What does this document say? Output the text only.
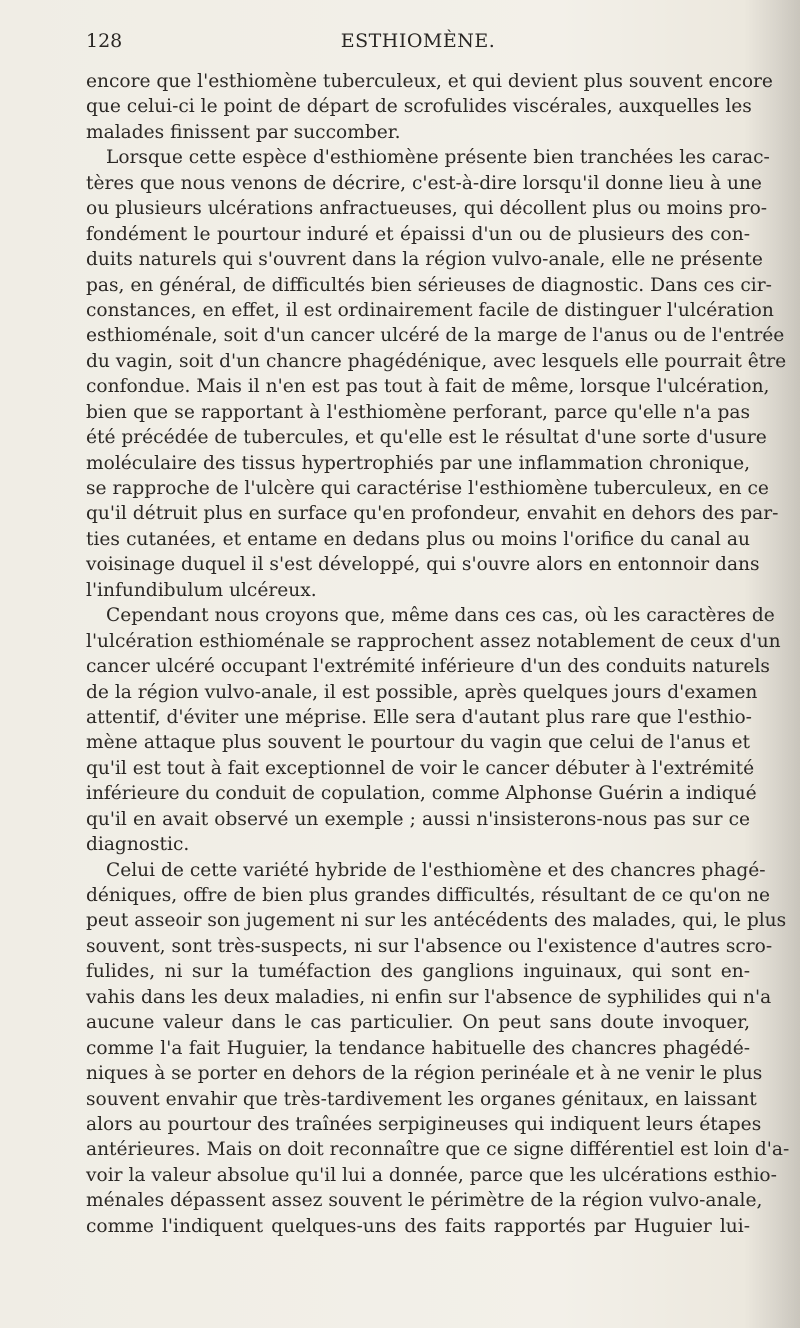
128	ESTHIOMÈNE.
encore que l'esthiomène tuberculeux, et qui devient plus souvent encore
que celui-ci le point de départ de scrofulides viscérales, auxquelles les
malades finissent par succomber.
Lorsque cette espèce d'esthiomène présente bien tranchées les carac-
tères que nous venons de décrire, c'est-à-dire lorsqu'il donne lieu à une
ou plusieurs ulcérations anfractueuses, qui décollent plus ou moins pro-
fondément le pourtour induré et épaissi d'un ou de plusieurs des con-
duits naturels qui s'ouvrent dans la région vulvo-anale, elle ne présente
pas, en général, de difficultés bien sérieuses de diagnostic. Dans ces cir-
constances, en effet, il est ordinairement facile de distinguer l'ulcération
esthioménale, soit d'un cancer ulcéré de la marge de l'anus ou de l'entrée
du vagin, soit d'un chancre phagédénique, avec lesquels elle pourrait être
confondue. Mais il n'en est pas tout à fait de même, lorsque l'ulcération,
bien que se rapportant à l'esthiomène perforant, parce qu'elle n'a pas
été précédée de tubercules, et qu'elle est le résultat d'une sorte d'usure
moléculaire des tissus hypertrophiés par une inflammation chronique,
se rapproche de l'ulcère qui caractérise l'esthiomène tuberculeux, en ce
qu'il détruit plus en surface qu'en profondeur, envahit en dehors des par-
ties cutanées, et entame en dedans plus ou moins l'orifice du canal au
voisinage duquel il s'est développé, qui s'ouvre alors en entonnoir dans
l'infundibulum ulcéreux.
Cependant nous croyons que, même dans ces cas, où les caractères de
l'ulcération esthioménale se rapprochent assez notablement de ceux d'un
cancer ulcéré occupant l'extrémité inférieure d'un des conduits naturels
de la région vulvo-anale, il est possible, après quelques jours d'examen
attentif, d'éviter une méprise. Elle sera d'autant plus rare que l'esthio-
mène attaque plus souvent le pourtour du vagin que celui de l'anus et
qu'il est tout à fait exceptionnel de voir le cancer débuter à l'extrémité
inférieure du conduit de copulation, comme Alphonse Guérin a indiqué
qu'il en avait observé un exemple ; aussi n'insisterons-nous pas sur ce
diagnostic.
Celui de cette variété hybride de l'esthiomène et des chancres phagé-
déniques, offre de bien plus grandes difficultés, résultant de ce qu'on ne
peut asseoir son jugement ni sur les antécédents des malades, qui, le plus
souvent, sont très-suspects, ni sur l'absence ou l'existence d'autres scro-
fulides, ni sur la tuméfaction des ganglions inguinaux, qui sont en-
vahis dans les deux maladies, ni enfin sur l'absence de syphilides qui n'a
aucune valeur dans le cas particulier. On peut sans doute invoquer,
comme l'a fait Huguier, la tendance habituelle des chancres phagédé-
niques à se porter en dehors de la région perinéale et à ne venir le plus
souvent envahir que très-tardivement les organes génitaux, en laissant
alors au pourtour des traînées serpigineuses qui indiquent leurs étapes
antérieures. Mais on doit reconnaître que ce signe différentiel est loin d'a-
voir la valeur absolue qu'il lui a donnée, parce que les ulcérations esthio-
ménales dépassent assez souvent le périmètre de la région vulvo-anale,
comme l'indiquent quelques-uns des faits rapportés par Huguier lui-
